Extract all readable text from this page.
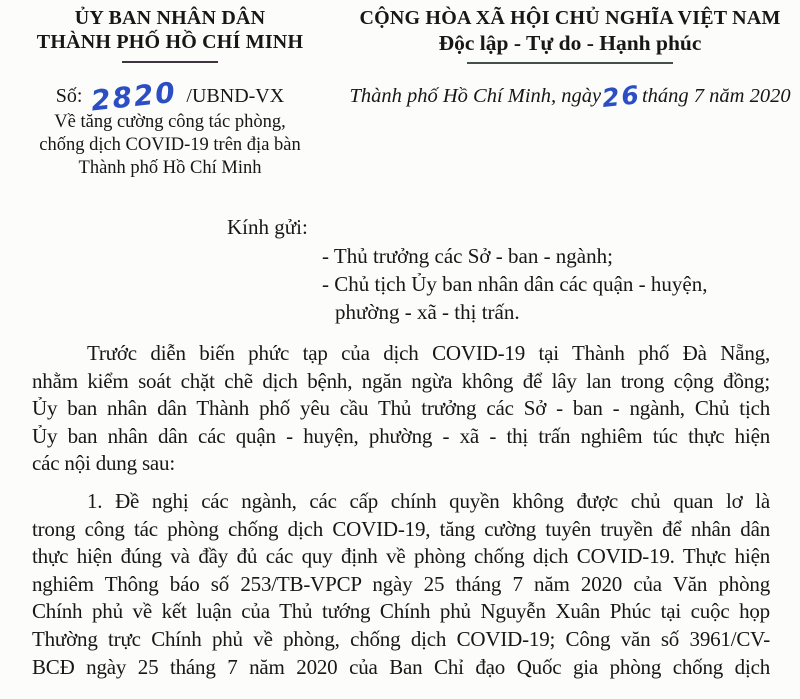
ỦY BAN NHÂN DÂN
THÀNH PHỐ HỒ CHÍ MINH
Số: 2820 /UBND-VX
Về tăng cường công tác phòng,
chống dịch COVID-19 trên địa bàn
Thành phố Hồ Chí Minh
CỘNG HÒA XÃ HỘI CHỦ NGHĨA VIỆT NAM
Độc lập - Tự do - Hạnh phúc
Thành phố Hồ Chí Minh, ngày26tháng 7 năm 2020
Kính gửi:
- Thủ trưởng các Sở - ban - ngành;
- Chủ tịch Ủy ban nhân dân các quận - huyện,
phường - xã - thị trấn.
Trước diễn biến phức tạp của dịch COVID-19 tại Thành phố Đà Nẵng,
nhằm kiểm soát chặt chẽ dịch bệnh, ngăn ngừa không để lây lan trong cộng đồng;
Ủy ban nhân dân Thành phố yêu cầu Thủ trưởng các Sở - ban - ngành, Chủ tịch
Ủy ban nhân dân các quận - huyện, phường - xã - thị trấn nghiêm túc thực hiện
các nội dung sau:
1. Đề nghị các ngành, các cấp chính quyền không được chủ quan lơ là
trong công tác phòng chống dịch COVID-19, tăng cường tuyên truyền để nhân dân
thực hiện đúng và đầy đủ các quy định về phòng chống dịch COVID-19. Thực hiện
nghiêm Thông báo số 253/TB-VPCP ngày 25 tháng 7 năm 2020 của Văn phòng
Chính phủ về kết luận của Thủ tướng Chính phủ Nguyễn Xuân Phúc tại cuộc họp
Thường trực Chính phủ về phòng, chống dịch COVID-19; Công văn số 3961/CV-
BCĐ ngày 25 tháng 7 năm 2020 của Ban Chỉ đạo Quốc gia phòng chống dịch
